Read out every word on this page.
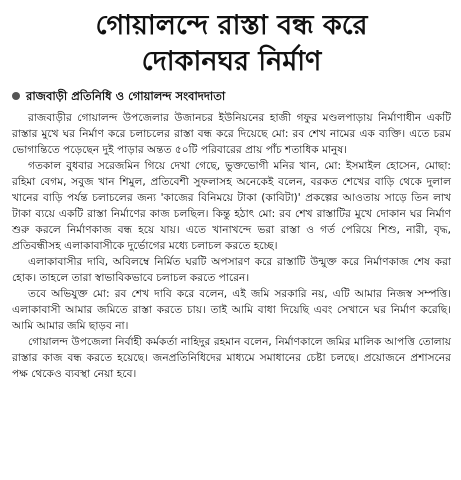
গোয়ালন্দে রাস্তা বন্ধ করে
দোকানঘর নির্মাণ
রাজবাড়ী প্রতিনিধি ও গোয়ালন্দ সংবাদদাতা

রাজবাড়ীর গোয়ালন্দ উপজেলার উজানচর ইউনিয়নের হাজী গফুর মণ্ডলপাড়ায় নির্মাণাধীন একটি রাস্তার মুখে ঘর নির্মাণ করে চলাচলের রাস্তা বন্ধ করে দিয়েছে মো: রব শেখ নামের এক ব্যক্তি। এতে চরম ভোগান্তিতে পড়েছেন দুই পাড়ার অন্তত ৫০টি পরিবারের প্রায় পাঁচ শতাধিক মানুষ।

গতকাল বুধবার সরেজমিন গিয়ে দেখা গেছে, ভুক্তভোগী মনির খান, মো: ইসমাইল হোসেন, মোছা: রহিমা বেগম, সবুজ খান শিমুল, প্রতিবেশী সুফলাসহ অনেকেই বলেন, বরকত শেখের বাড়ি থেকে দুলাল খানের বাড়ি পর্যন্ত চলাচলের জন্য 'কাজের বিনিময়ে টাকা (কাবিটা)' প্রকল্পের আওতায় সাড়ে তিন লাখ টাকা ব্যয়ে একটি রাস্তা নির্মাণের কাজ চলছিল। কিন্তু হঠাৎ মো: রব শেখ রাস্তাটির মুখে দোকান ঘর নির্মাণ শুরু করলে নির্মাণকাজ বন্ধ হয়ে যায়। এতে খানাখন্দে ভরা রাস্তা ও গর্ত পেরিয়ে শিশু, নারী, বৃদ্ধ, প্রতিবন্ধীসহ এলাকাবাসীকে দুর্ভোগের মধ্যে চলাচল করতে হচ্ছে।

এলাকাবাসীর দাবি, অবিলম্বে নির্মিত ঘরটি অপসারণ করে রাস্তাটি উন্মুক্ত করে নির্মাণকাজ শেষ করা হোক। তাহলে তারা স্বাভাবিকভাবে চলাচল করতে পারেন।

তবে অভিযুক্ত মো: রব শেখ দাবি করে বলেন, এই জমি সরকারি নয়, এটি আমার নিজস্ব সম্পত্তি। এলাকাবাসী আমার জমিতে রাস্তা করতে চায়। তাই আমি বাধা দিয়েছি এবং সেখানে ঘর নির্মাণ করেছি। আমি আমার জমি ছাড়ব না।

গোয়ালন্দ উপজেলা নির্বাহী কর্মকর্তা নাহিদুর রহমান বলেন, নির্মাণকালে জমির মালিক আপত্তি তোলায় রাস্তার কাজ বন্ধ করতে হয়েছে। জনপ্রতিনিধিদের মাধ্যমে সমাধানের চেষ্টা চলছে। প্রয়োজনে প্রশাসনের পক্ষ থেকেও ব্যবস্থা নেয়া হবে।
